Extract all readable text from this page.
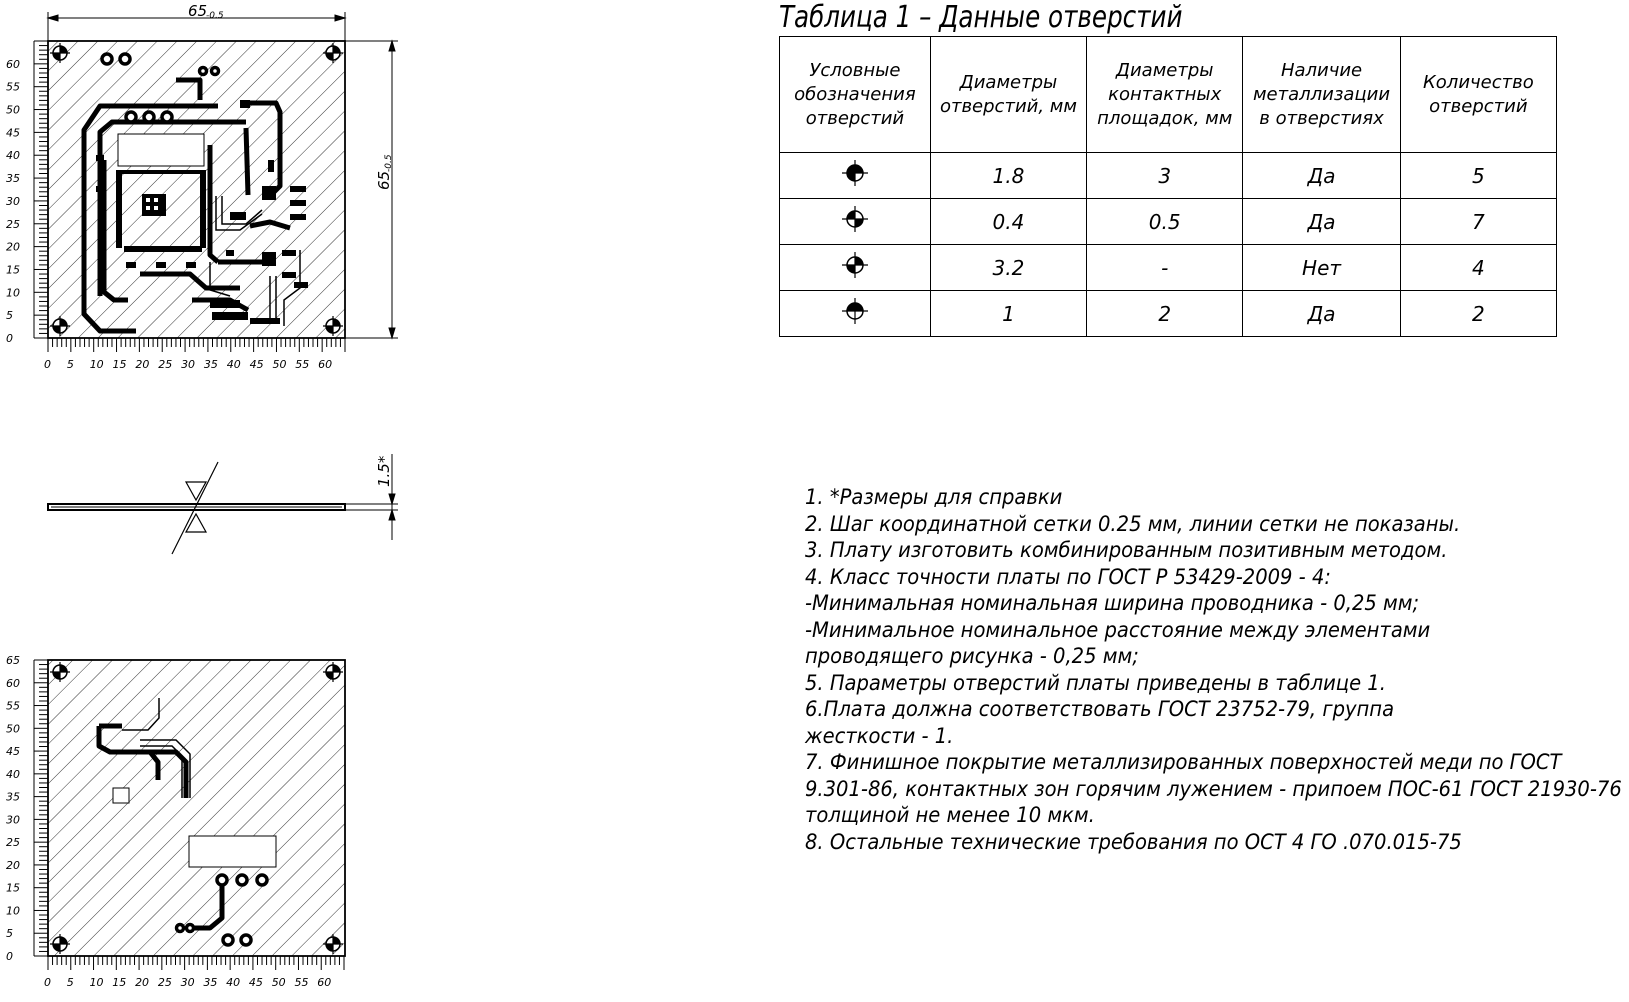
65
-0.5
65
-0.5
60
55
50
45
40
35
30
25
20
15
10
5
0
0 5 10 15 20 25 30 35 40 45 50 55 60
1.5*
65
60
55
50
45
40
35
30
25
20
15
10
5
0
0 5 10 15 20 25 30 35 40 45 50 55 60
Таблица 1 – Данные отверстий
Условные обозначения отверстий	Диаметры отверстий, мм	Диаметры контактных площадок, мм	Наличие металлизации в отверстиях	Количество отверстий
	1.8	3	Да	5
	0.4	0.5	Да	7
	3.2	-	Нет	4
	1	2	Да	2
1. *Размеры для справки
2. Шаг координатной сетки 0.25 мм, линии сетки не показаны.
3. Плату изготовить комбинированным позитивным методом.
4. Класс точности платы по ГОСТ Р 53429-2009 - 4:
-Минимальная номинальная ширина проводника - 0,25 мм;
-Минимальное номинальное расстояние между элементами
проводящего рисунка - 0,25 мм;
5. Параметры отверстий платы приведены в таблице 1.
6.Плата должна соответствовать ГОСТ 23752-79, группа
жесткости - 1.
7. Финишное покрытие металлизированных поверхностей меди по ГОСТ
9.301-86, контактных зон горячим лужением - припоем ПОС-61 ГОСТ 21930-76
толщиной не менее 10 мкм.
8. Остальные технические требования по ОСТ 4 ГО .070.015-75
